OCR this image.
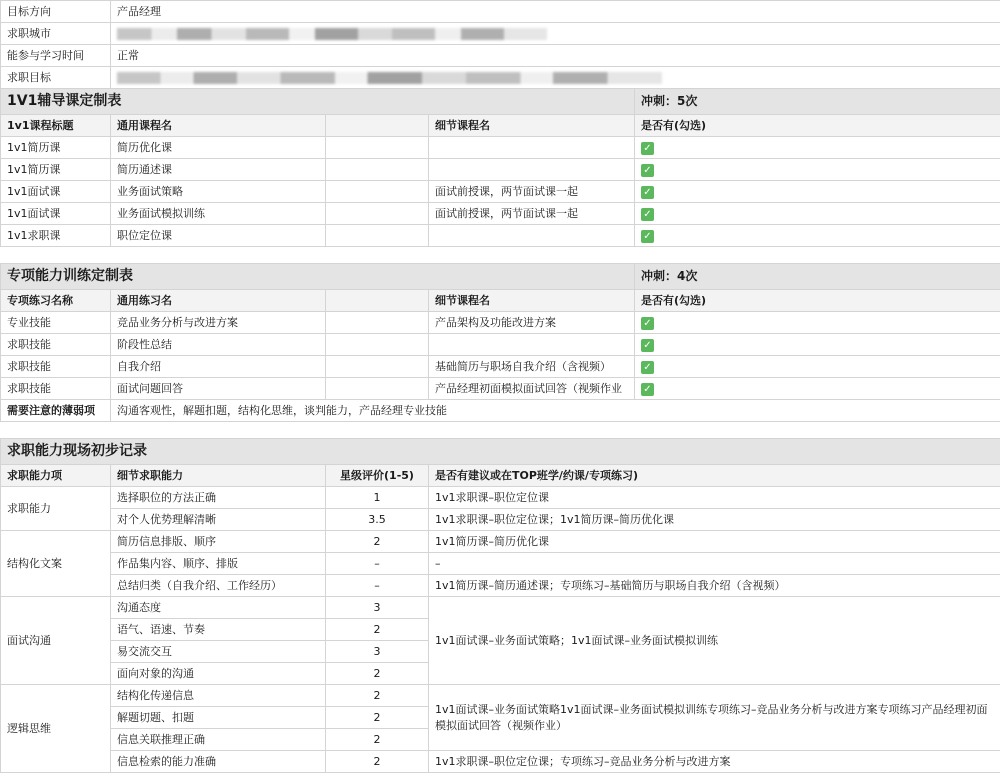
目标方向	产品经理			
求职城市				
能参与学习时间	正常			
求职目标				
1V1辅导课定制表				冲刺：5次
1v1课程标题	通用课程名		细节课程名	是否有(勾选)
1v1简历课	简历优化课			✓
1v1简历课	简历通述课			✓
1v1面试课	业务面试策略		面试前授课，两节面试课一起	✓
1v1面试课	业务面试模拟训练		面试前授课，两节面试课一起	✓
1v1求职课	职位定位课			✓

专项能力训练定制表				冲刺：4次
专项练习名称	通用练习名		细节课程名	是否有(勾选)
专业技能	竞品业务分析与改进方案		产品架构及功能改进方案	✓
求职技能	阶段性总结			✓
求职技能	自我介绍		基础简历与职场自我介绍（含视频）	✓
求职技能	面试问题回答		产品经理初面模拟面试回答（视频作业	✓
需要注意的薄弱项	沟通客观性，解题扣题，结构化思维，谈判能力，产品经理专业技能			

求职能力现场初步记录				
求职能力项	细节求职能力	星级评价(1-5)	是否有建议或在TOP班学/约课/专项练习)	
求职能力	选择职位的方法正确	1	1v1求职课–职位定位课	
	对个人优势理解清晰	3.5	1v1求职课–职位定位课；1v1简历课–简历优化课	
结构化文案	简历信息排版、顺序	2	1v1简历课–简历优化课	
	作品集内容、顺序、排版	–	–	
	总结归类（自我介绍、工作经历）	–	1v1简历课–简历通述课；专项练习–基础简历与职场自我介绍（含视频）	
面试沟通	沟通态度	3	1v1面试课–业务面试策略；1v1面试课–业务面试模拟训练	
	语气、语速、节奏	2		
	易交流交互	3		
	面向对象的沟通	2		
逻辑思维	结构化传递信息	2	1v1面试课–业务面试策略1v1面试课–业务面试模拟训练专项练习–竞品业务分析与改进方案专项练习产品经理初面模拟面试回答（视频作业）	
	解题切题、扣题	2		
	信息关联推理正确	2		
	信息检索的能力准确	2	1v1求职课–职位定位课；专项练习–竞品业务分析与改进方案	
